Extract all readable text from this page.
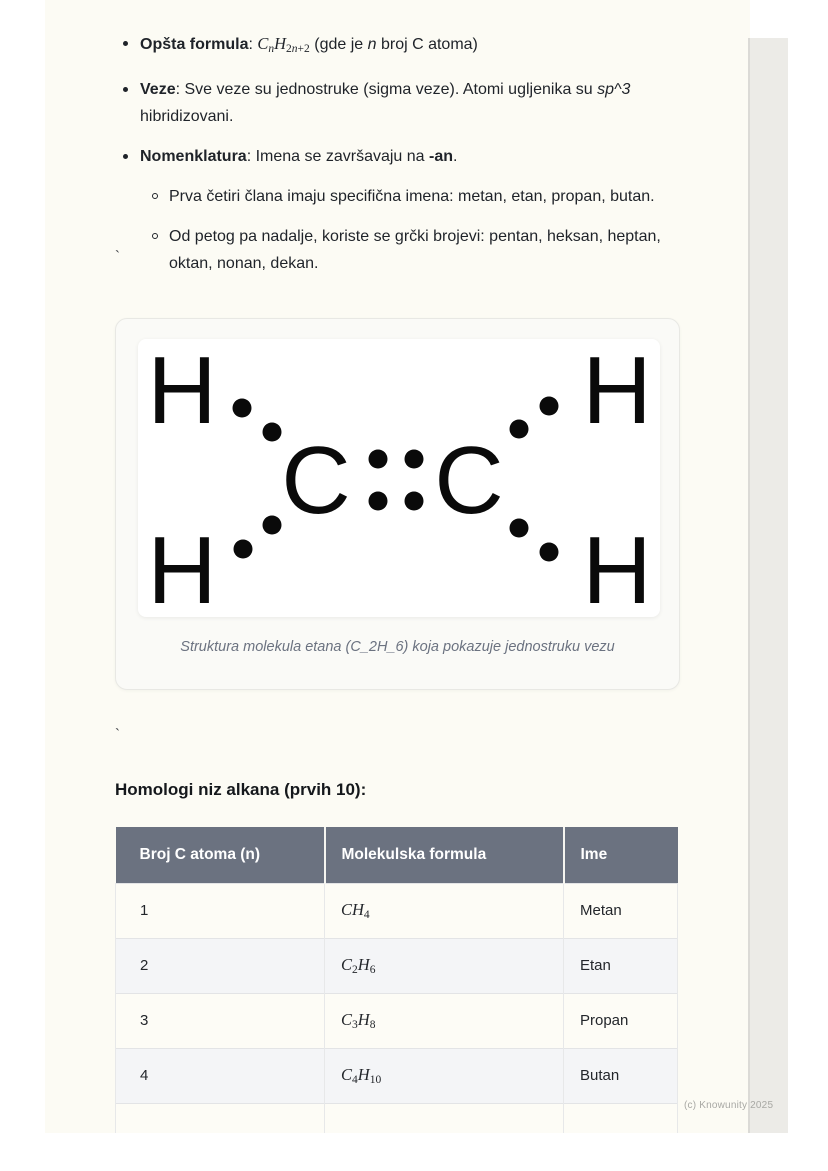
Opšta formula: $C_nH_{2n+2}$ (gde je n broj C atoma)
Veze: Sve veze su jednostruke (sigma veze). Atomi ugljenika su sp^3 hibridizovani.
Nomenklatura: Imena se završavaju na -an.
Prva četiri člana imaju specifična imena: metan, etan, propan, butan.
Od petog pa nadalje, koriste se grčki brojevi: pentan, heksan, heptan, oktan, nonan, dekan.
`
H	H
H	H
C C
Struktura molekula etana (C_2H_6) koja pokazuje jednostruku vezu
`
Homologi niz alkana (prvih 10):
Broj C atoma (n)	Molekulska formula	Ime
1	$CH_4$	Metan
2	$C_2H_6$	Etan
3	$C_3H_8$	Propan
4	$C_4H_{10}$	Butan

(c) Knowunity 2025
